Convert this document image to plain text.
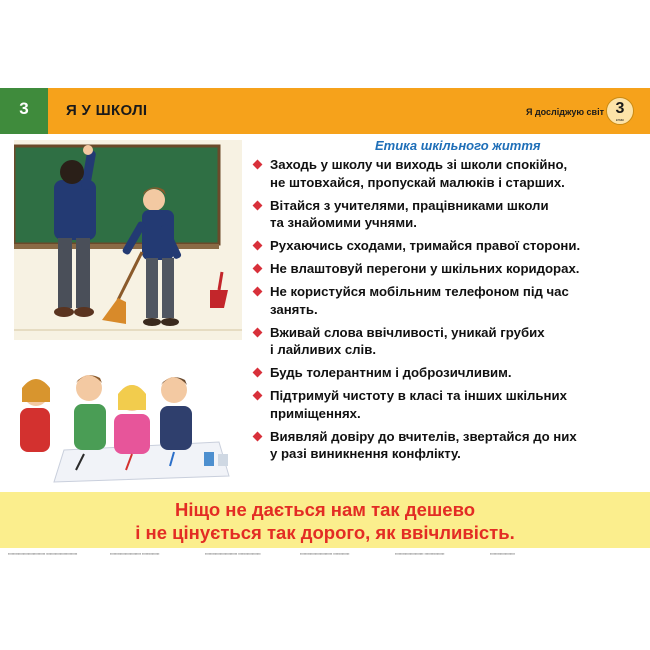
3	Я У ШКОЛІ	Я досліджую світ 3
клас
Етика шкільного життя
Заходь у школу чи виходь зі школи спокійно,
не штовхайся, пропускай малюків і старших.
Вітайся з учителями, працівниками школи
та знайомими учнями.
Рухаючись сходами, тримайся правої сторони.
Не влаштовуй перегони у шкільних коридорах.
Не користуйся мобільним телефоном під час
занять.
Вживай слова ввічливості, уникай грубих
і лайливих слів.
Будь толерантним і доброзичливим.
Підтримуй чистоту в класі та інших шкільних
приміщеннях.
Виявляй довіру до вчителів, звертайся до них
у разі виникнення конфлікту.
Ніщо не дається нам так дешево
і не цінується так дорого, як ввічливість.
▪▪▪▪▪▪▪▪▪▪▪▪▪▪▪▪▪▪▪▪▪▪▪▪▪▪▪▪▪▪ ▪▪▪▪▪▪▪▪▪▪▪▪▪▪▪▪▪▪▪▪▪▪▪▪▪	▪▪▪▪▪▪▪▪▪▪▪▪▪▪▪▪▪▪▪▪▪▪▪▪▪ ▪▪▪▪▪▪▪▪▪▪▪▪▪▪	▪▪▪▪▪▪▪▪▪▪▪▪▪▪▪▪▪▪▪▪▪▪▪▪▪▪ ▪▪▪▪▪▪▪▪▪▪▪▪▪▪▪▪▪▪	▪▪▪▪▪▪▪▪▪▪▪▪▪▪▪▪▪▪▪▪▪▪▪▪▪▪ ▪▪▪▪▪▪▪▪▪▪▪▪▪	▪▪▪▪▪▪▪▪▪▪▪▪▪▪▪▪▪▪▪▪▪▪▪ ▪▪▪▪▪▪▪▪▪▪▪▪▪▪▪▪	▪▪▪▪▪▪▪▪▪▪▪▪▪▪▪▪▪▪▪▪
